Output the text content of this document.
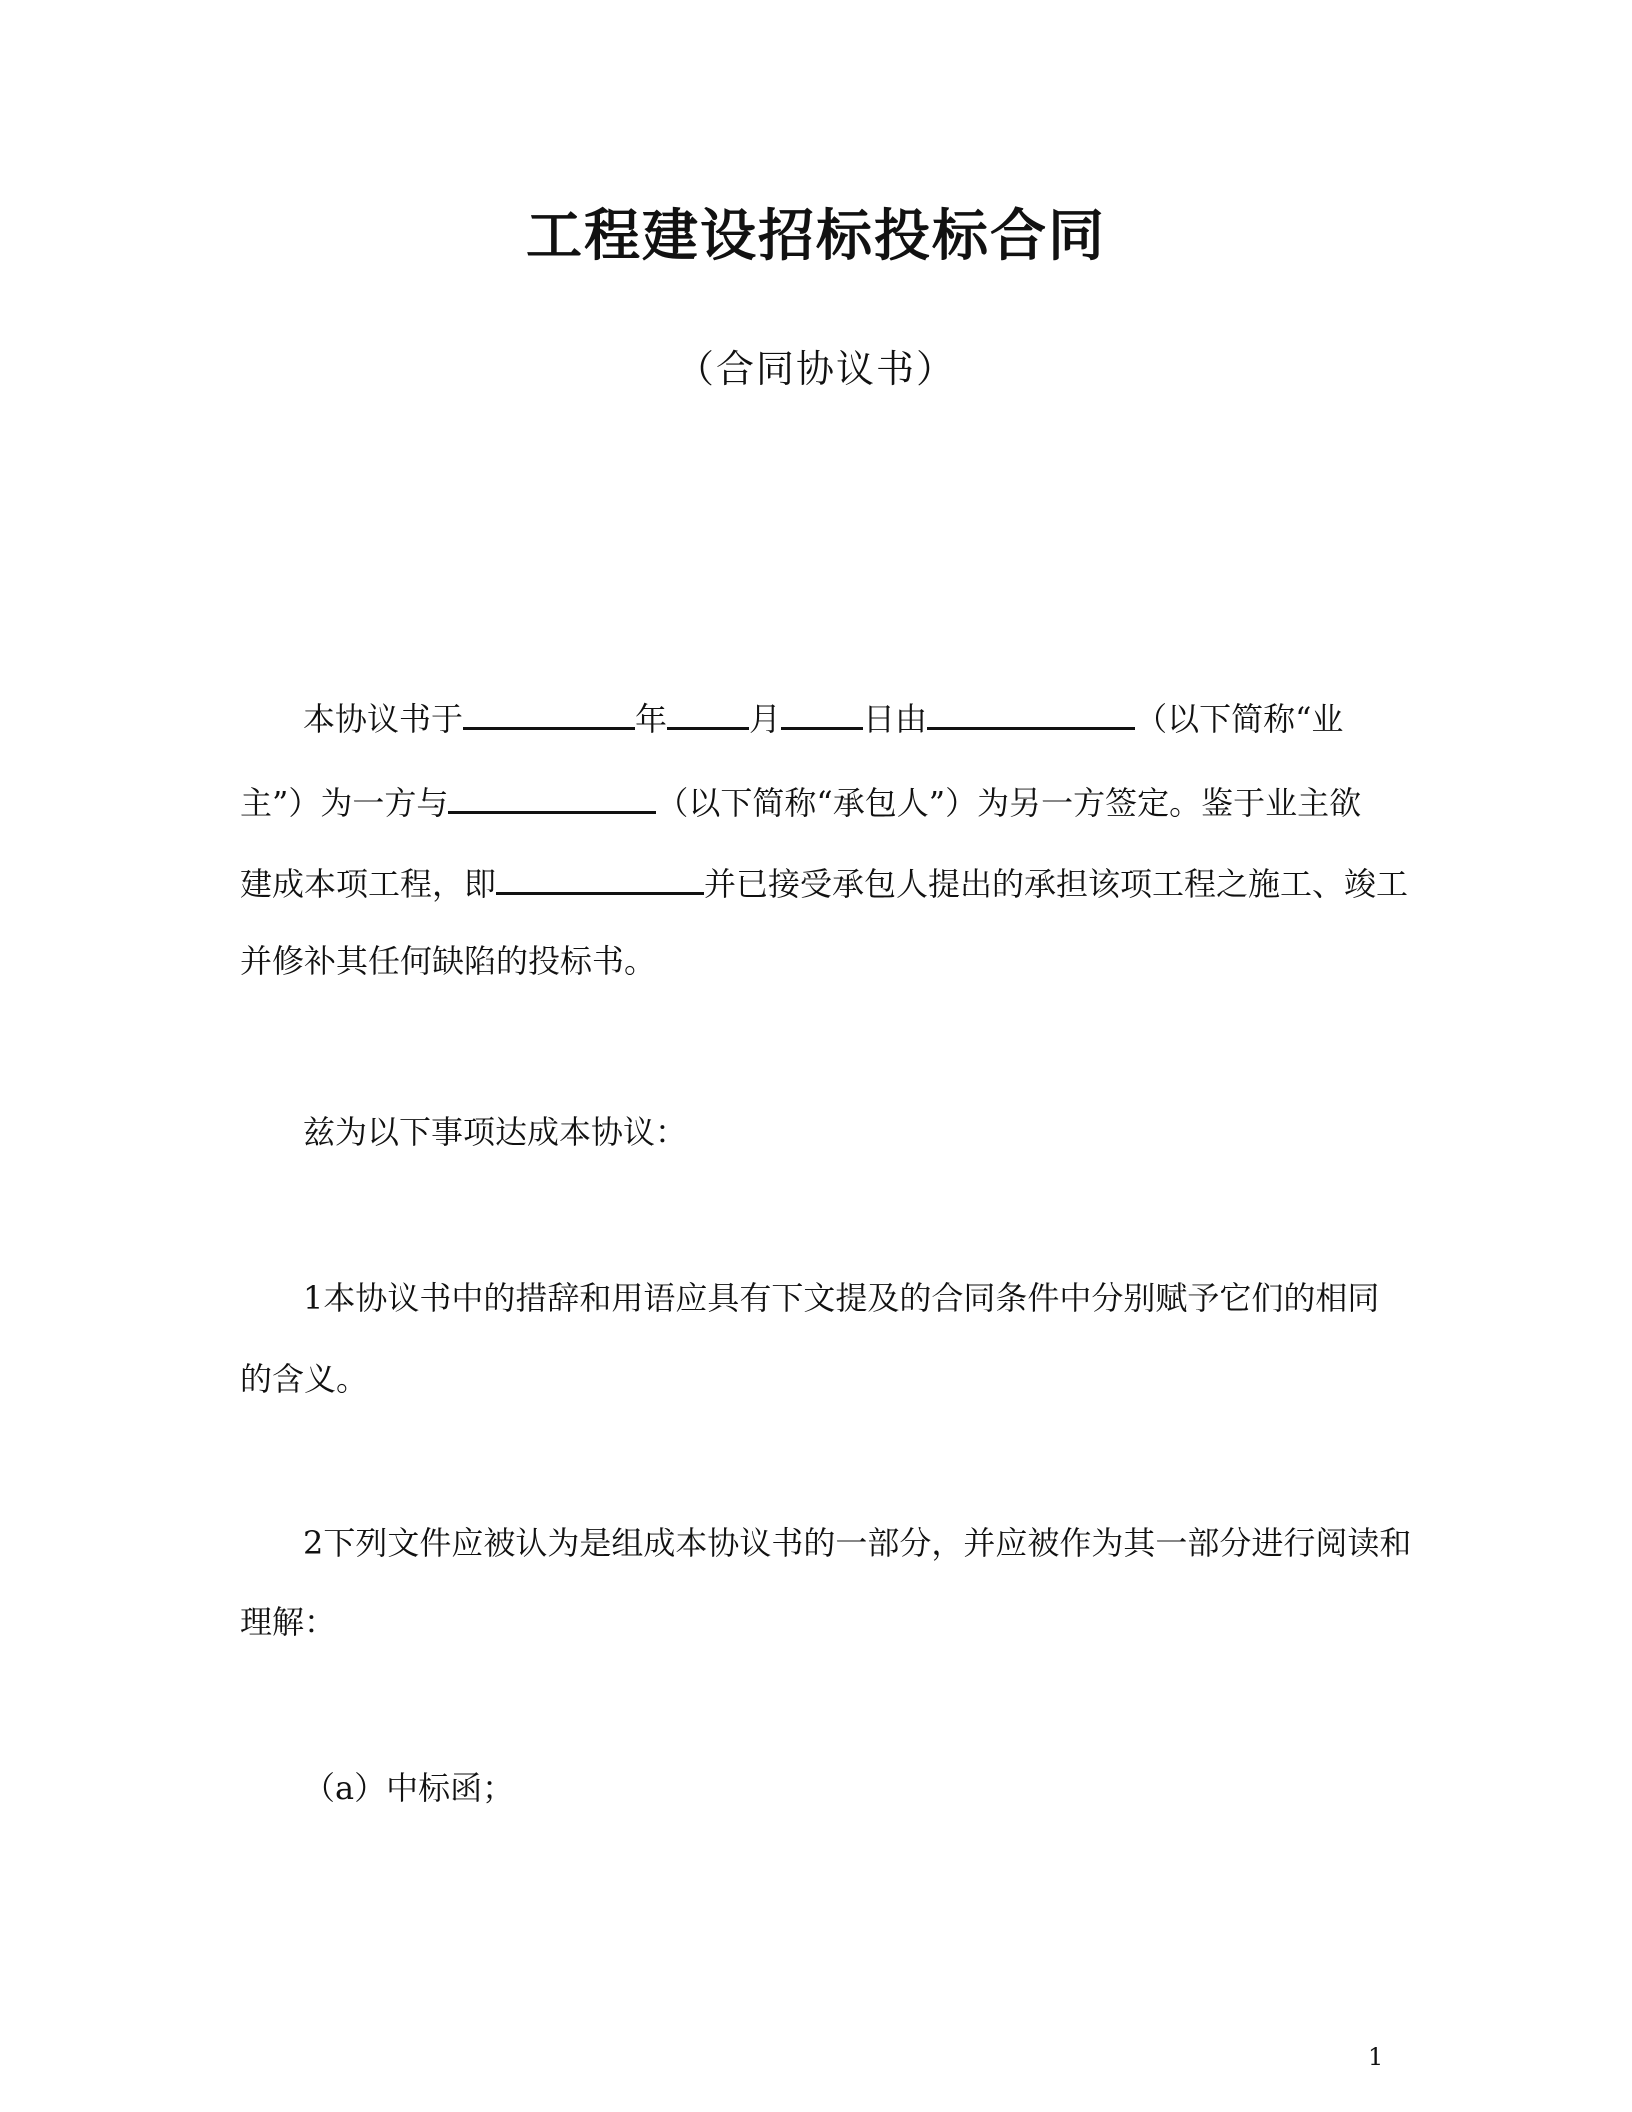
工程建设招标投标合同
（合同协议书）
本协议书于	年	月	日由	（以下简称“业
主”）为一方与	（以下简称“承包人”）为另一方签定。鉴于业主欲
建成本项工程，即	并已接受承包人提出的承担该项工程之施工、竣工
并修补其任何缺陷的投标书。
兹为以下事项达成本协议：
1本协议书中的措辞和用语应具有下文提及的合同条件中分别赋予它们的相同
的含义。
2下列文件应被认为是组成本协议书的一部分，并应被作为其一部分进行阅读和
理解：
（a）中标函；
1
